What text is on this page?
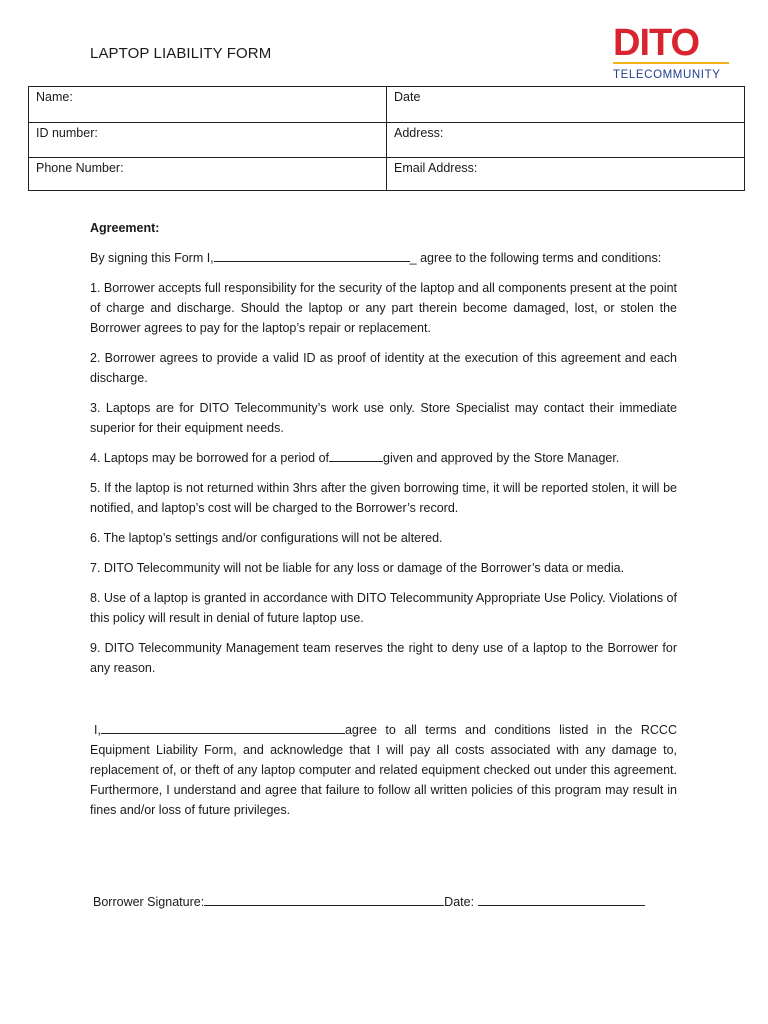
LAPTOP LIABILITY FORM	DITO
TELECOMMUNITY
Name:	Date
ID number:	Address:
Phone Number:	Email Address:

Agreement:

By signing this Form I,	_ agree to the following terms and conditions:

1. Borrower accepts full responsibility for the security of the laptop and all components present at the point of charge and discharge. Should the laptop or any part therein become damaged, lost, or stolen the Borrower agrees to pay for the laptop’s repair or replacement.

2. Borrower agrees to provide a valid ID as proof of identity at the execution of this agreement and each discharge.

3. Laptops are for DITO Telecommunity’s work use only. Store Specialist may contact their immediate superior for their equipment needs.

4. Laptops may be borrowed for a period of	given and approved by the Store Manager.

5. If the laptop is not returned within 3hrs after the given borrowing time, it will be reported stolen, it will be notified, and laptop’s cost will be charged to the Borrower’s record.

6. The laptop’s settings and/or configurations will not be altered.

7. DITO Telecommunity will not be liable for any loss or damage of the Borrower’s data or media.

8. Use of a laptop is granted in accordance with DITO Telecommunity Appropriate Use Policy. Violations of this policy will result in denial of future laptop use.

9. DITO Telecommunity Management team reserves the right to deny use of a laptop to the Borrower for any reason.

I,	agree to all terms and conditions listed in the RCCC Equipment Liability Form, and acknowledge that I will pay all costs associated with any damage to, replacement of, or theft of any laptop computer and related equipment checked out under this agreement. Furthermore, I understand and agree that failure to follow all written policies of this program may result in fines and/or loss of future privileges.

Borrower Signature:	Date:
